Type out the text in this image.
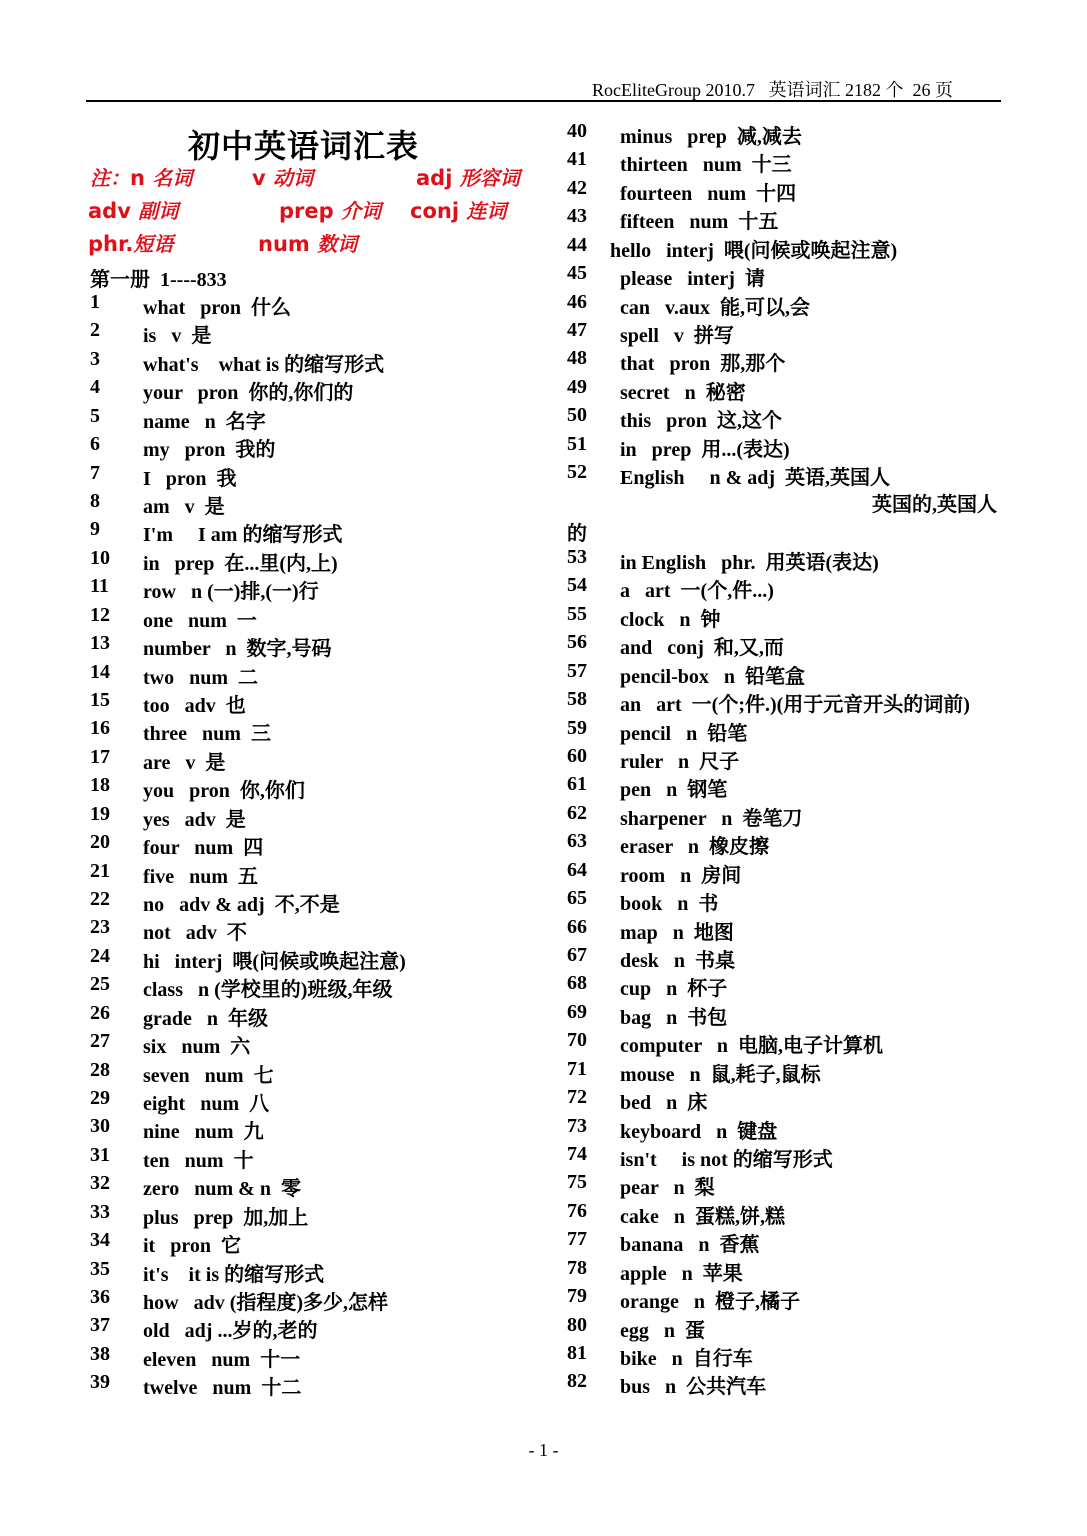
RocEliteGroup 2010.7   英语词汇 2182 个  26 页
初中英语词汇表
注：n 名词	v 动词	adj 形容词
adv 副词	prep 介词 conj 连词
phr.短语	num 数词
第一册  1----833
1 what   pron  什么
2 is   v  是
3 what's    what is 的缩写形式
4 your   pron  你的,你们的
5 name   n  名字
6 my   pron  我的
7 I   pron  我
8 am   v  是
9 I'm     I am 的缩写形式
10 in   prep  在...里(内,上)
11 row   n (一)排,(一)行
12 one   num  一
13 number   n  数字,号码
14 two   num  二
15 too   adv  也
16 three   num  三
17 are   v  是
18 you   pron  你,你们
19 yes   adv  是
20 four   num  四
21 five   num  五
22 no   adv & adj  不,不是
23 not   adv  不
24 hi   interj  喂(问候或唤起注意)
25 class   n (学校里的)班级,年级
26 grade   n  年级
27 six   num  六
28 seven   num  七
29 eight   num  八
30 nine   num  九
31 ten   num  十
32 zero   num & n  零
33 plus   prep  加,加上
34 it   pron  它
35 it's    it is 的缩写形式
36 how   adv (指程度)多少,怎样
37 old   adj ...岁的,老的
38 eleven   num  十一
39 twelve   num  十二
40 minus   prep  减,减去
41 thirteen   num  十三
42 fourteen   num  十四
43 fifteen   num  十五
44 hello   interj  喂(问候或唤起注意)
45 please   interj  请
46 can   v.aux  能,可以,会
47 spell   v  拼写
48 that   pron  那,那个
49 secret   n  秘密
50 this   pron  这,这个
51 in   prep  用...(表达)
52 English     n & adj  英语,英国人
英国的,英国人
的
53 in English   phr.  用英语(表达)
54 a   art  一(个,件...)
55 clock   n  钟
56 and   conj  和,又,而
57 pencil-box   n  铅笔盒
58 an   art  一(个;件.)(用于元音开头的词前)
59 pencil   n  铅笔
60 ruler   n  尺子
61 pen   n  钢笔
62 sharpener   n  卷笔刀
63 eraser   n  橡皮擦
64 room   n  房间
65 book   n  书
66 map   n  地图
67 desk   n  书桌
68 cup   n  杯子
69 bag   n  书包
70 computer   n  电脑,电子计算机
71 mouse   n  鼠,耗子,鼠标
72 bed   n  床
73 keyboard   n  键盘
74 isn't     is not 的缩写形式
75 pear   n  梨
76 cake   n  蛋糕,饼,糕
77 banana   n  香蕉
78 apple   n  苹果
79 orange   n  橙子,橘子
80 egg   n  蛋
81 bike   n  自行车
82 bus   n  公共汽车
- 1 -
